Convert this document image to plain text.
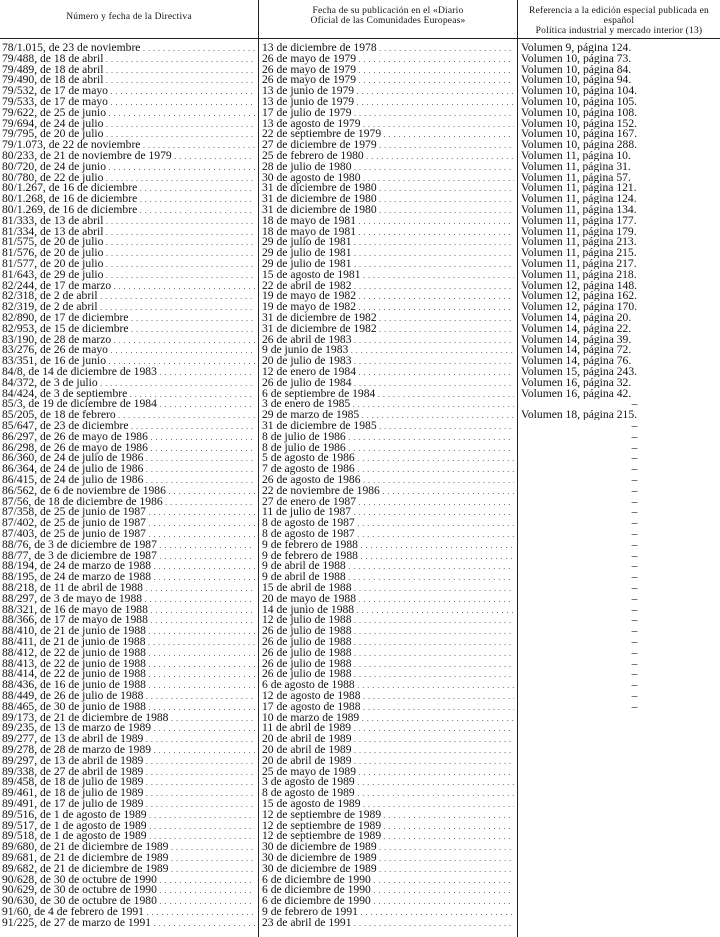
Número y fecha de la Directiva
Fecha de su publicación en el «Diario
Oficial de las Comunidades Europeas»
Referencia a la edición especial publicada en español
Política industrial y mercado interior (13)
78/1.015, de 23 de noviembre . . .	13 de diciembre de 1978 . . .	Volumen 9, página 124.
79/488, de 18 de abril . . .	26 de mayo de 1979 . . .	Volumen 10, página 73.
79/489, de 18 de abril . . .	26 de mayo de 1979 . . .	Volumen 10, página 84.
79/490, de 18 de abril . . .	26 de mayo de 1979 . . .	Volumen 10, página 94.
79/532, de 17 de mayo . . .	13 de junio de 1979 . . .	Volumen 10, página 104.
79/533, de 17 de mayo . . .	13 de junio de 1979 . . .	Volumen 10, página 105.
79/622, de 25 de junio . . .	17 de julio de 1979 . . .	Volumen 10, página 108.
79/694, de 24 de julio . . .	13 de agosto de 1979 . . .	Volumen 10, página 152.
79/795, de 20 de julio . . .	22 de septiembre de 1979 . . .	Volumen 10, página 167.
79/1.073, de 22 de noviembre . . .	27 de diciembre de 1979 . . .	Volumen 10, página 288.
80/233, de 21 de noviembre de 1979 . . .	25 de febrero de 1980 . . .	Volumen 11, página 10.
80/720, de 24 de junio . . .	28 de julio de 1980 . . .	Volumen 11, página 31.
80/780, de 22 de julio . . .	30 de agosto de 1980 . . .	Volumen 11, página 57.
80/1.267, de 16 de diciembre . . .	31 de diciembre de 1980 . . .	Volumen 11, página 121.
80/1.268, de 16 de diciembre . . .	31 de diciembre de 1980 . . .	Volumen 11, página 124.
80/1.269, de 16 de diciembre . . .	31 de diciembre de 1980 . . .	Volumen 11, página 134.
81/333, de 13 de abril . . .	18 de mayo de 1981 . . .	Volumen 11, página 177.
81/334, de 13 de abril . . .	18 de mayo de 1981 . . .	Volumen 11, página 179.
81/575, de 20 de julio . . .	29 de julio de 1981 . . .	Volumen 11, página 213.
81/576, de 20 de julio . . .	29 de julio de 1981 . . .	Volumen 11, página 215.
81/577, de 20 de julio . . .	29 de julio de 1981 . . .	Volumen 11, página 217.
81/643, de 29 de julio . . .	15 de agosto de 1981 . . .	Volumen 11, página 218.
82/244, de 17 de marzo . . .	22 de abril de 1982 . . .	Volumen 12, página 148.
82/318, de 2 de abril . . .	19 de mayo de 1982 . . .	Volumen 12, página 162.
82/319, de 2 de abril . . .	19 de mayo de 1982 . . .	Volumen 12, página 170.
82/890, de 17 de diciembre . . .	31 de diciembre de 1982 . . .	Volumen 14, página 20.
82/953, de 15 de diciembre . . .	31 de diciembre de 1982 . . .	Volumen 14, página 22.
83/190, de 28 de marzo . . .	26 de abril de 1983 . . .	Volumen 14, página 39.
83/276, de 26 de mayo . . .	9 de junio de 1983 . . .	Volumen 14, página 72.
83/351, de 16 de junio . . .	20 de julio de 1983 . . .	Volumen 14, página 76.
84/8, de 14 de diciembre de 1983 . . .	12 de enero de 1984 . . .	Volumen 15, página 243.
84/372, de 3 de julio . . .	26 de julio de 1984 . . .	Volumen 16, página 32.
84/424, de 3 de septiembre . . .	6 de septiembre de 1984 . . .	Volumen 16, página 42.
85/3, de 19 de diciembre de 1984 . . .	3 de enero de 1985 . . .	–
85/205, de 18 de febrero . . .	29 de marzo de 1985 . . .	Volumen 18, página 215.
85/647, de 23 de diciembre . . .	31 de diciembre de 1985 . . .	–
86/297, de 26 de mayo de 1986 . . .	8 de julio de 1986 . . .	–
86/298, de 26 de mayo de 1986 . . .	8 de julio de 1986 . . .	–
86/360, de 24 de julio de 1986 . . .	5 de agosto de 1986 . . .	–
86/364, de 24 de julio de 1986 . . .	7 de agosto de 1986 . . .	–
86/415, de 24 de julio de 1986 . . .	26 de agosto de 1986 . . .	–
86/562, de 6 de noviembre de 1986 . . .	22 de noviembre de 1986 . . .	–
87/56, de 18 de diciembre de 1986 . . .	27 de enero de 1987 . . .	–
87/358, de 25 de junio de 1987 . . .	11 de julio de 1987 . . .	–
87/402, de 25 de junio de 1987 . . .	8 de agosto de 1987 . . .	–
87/403, de 25 de junio de 1987 . . .	8 de agosto de 1987 . . .	–
88/76, de 3 de diciembre de 1987 . . .	9 de febrero de 1988 . . .	–
88/77, de 3 de diciembre de 1987 . . .	9 de febrero de 1988 . . .	–
88/194, de 24 de marzo de 1988 . . .	9 de abril de 1988 . . .	–
88/195, de 24 de marzo de 1988 . . .	9 de abril de 1988 . . .	–
88/218, de 11 de abril de 1988 . . .	15 de abril de 1988 . . .	–
88/297, de 3 de mayo de 1988 . . .	20 de mayo de 1988 . . .	–
88/321, de 16 de mayo de 1988 . . .	14 de junio de 1988 . . .	–
88/366, de 17 de mayo de 1988 . . .	12 de julio de 1988 . . .	–
88/410, de 21 de junio de 1988 . . .	26 de julio de 1988 . . .	–
88/411, de 21 de junio de 1988 . . .	26 de julio de 1988 . . .	–
88/412, de 22 de junio de 1988 . . .	26 de julio de 1988 . . .	–
88/413, de 22 de junio de 1988 . . .	26 de julio de 1988 . . .	–
88/414, de 22 de junio de 1988 . . .	26 de julio de 1988 . . .	–
88/436, de 16 de junio de 1988 . . .	6 de agosto de 1988 . . .	–
88/449, de 26 de julio de 1988 . . .	12 de agosto de 1988 . . .	–
88/465, de 30 de junio de 1988 . . .	17 de agosto de 1988 . . .	–
89/173, de 21 de diciembre de 1988 . . .	10 de marzo de 1989 . . .
89/235, de 13 de marzo de 1989 . . .	11 de abril de 1989 . . .
89/277, de 13 de abril de 1989 . . .	20 de abril de 1989 . . .
89/278, de 28 de marzo de 1989 . . .	20 de abril de 1989 . . .
89/297, de 13 de abril de 1989 . . .	20 de abril de 1989 . . .
89/338, de 27 de abril de 1989 . . .	25 de mayo de 1989 . . .
89/458, de 18 de julio de 1989 . . .	3 de agosto de 1989 . . .
89/461, de 18 de julio de 1989 . . .	8 de agosto de 1989 . . .
89/491, de 17 de julio de 1989 . . .	15 de agosto de 1989 . . .
89/516, de 1 de agosto de 1989 . . .	12 de septiembre de 1989 . . .
89/517, de 1 de agosto de 1989 . . .	12 de septiembre de 1989 . . .
89/518, de 1 de agosto de 1989 . . .	12 de septiembre de 1989 . . .
89/680, de 21 de diciembre de 1989 . . .	30 de diciembre de 1989 . . .
89/681, de 21 de diciembre de 1989 . . .	30 de diciembre de 1989 . . .
89/682, de 21 de diciembre de 1989 . . .	30 de diciembre de 1989 . . .
90/628, de 30 de octubre de 1990 . . .	6 de diciembre de 1990 . . .
90/629, de 30 de octubre de 1990 . . .	6 de diciembre de 1990 . . .
90/630, de 30 de octubre de 1980 . . .	6 de diciembre de 1990 . . .
91/60, de 4 de febrero de 1991 . . .	9 de febrero de 1991 . . .
91/225, de 27 de marzo de 1991 . . .	23 de abril de 1991 . . .
